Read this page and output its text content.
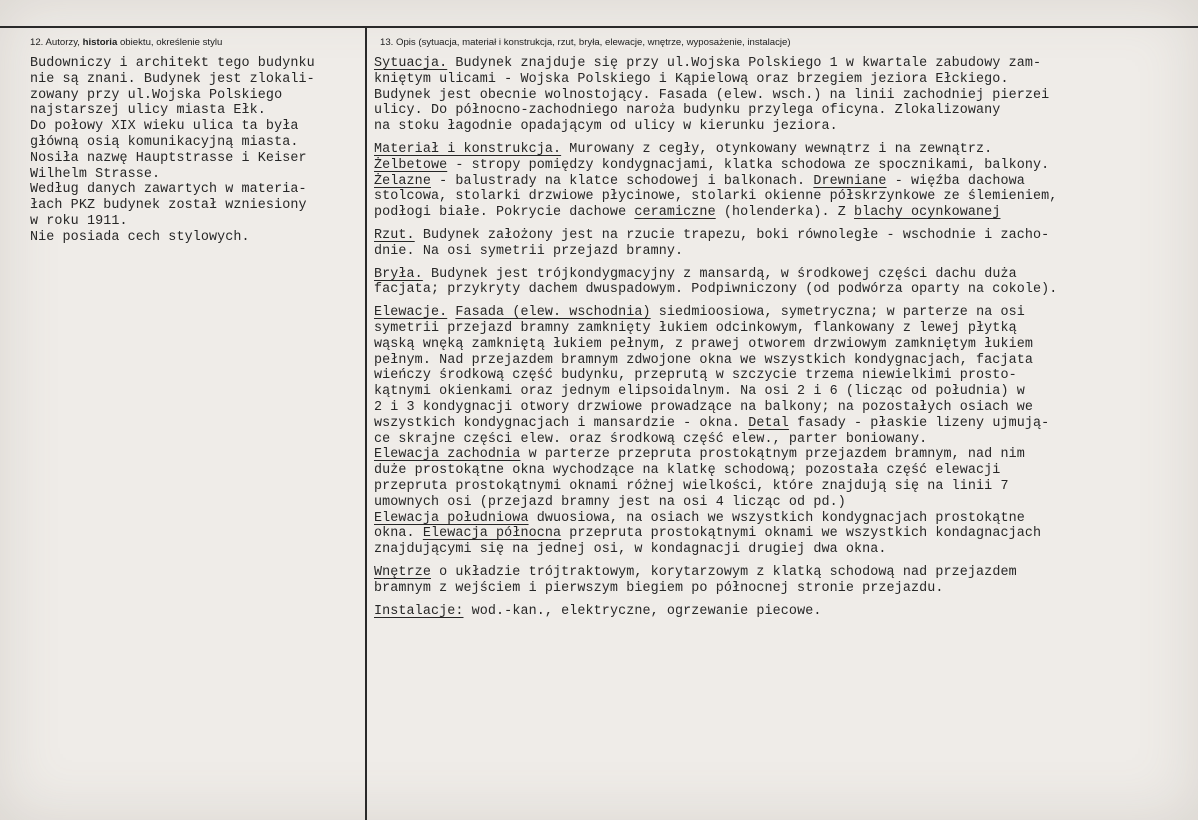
12. Autorzy, historia obiektu, określenie stylu	13. Opis (sytuacja, materiał i konstrukcja, rzut, bryła, elewacje, wnętrze, wyposażenie, instalacje)
Budowniczy i architekt tego budynku
nie są znani. Budynek jest zlokali-
zowany przy ul.Wojska Polskiego
najstarszej ulicy miasta Ełk.
Do połowy XIX wieku ulica ta była
główną osią komunikacyjną miasta.
Nosiła nazwę Hauptstrasse i Keiser
Wilhelm Strasse.
Według danych zawartych w materia-
łach PKZ budynek został wzniesiony
w roku 1911.
Nie posiada cech stylowych.
Sytuacja. Budynek znajduje się przy ul.Wojska Polskiego 1 w kwartale zabudowy zam-
kniętym ulicami - Wojska Polskiego i Kąpielową oraz brzegiem jeziora Ełckiego.
Budynek jest obecnie wolnostojący. Fasada (elew. wsch.) na linii zachodniej pierzei
ulicy. Do północno-zachodniego naroża budynku przylega oficyna. Zlokalizowany
na stoku łagodnie opadającym od ulicy w kierunku jeziora.
Materiał i konstrukcja. Murowany z cegły, otynkowany wewnątrz i na zewnątrz.
Żelbetowe - stropy pomiędzy kondygnacjami, klatka schodowa ze spocznikami, balkony.
Żelazne - balustrady na klatce schodowej i balkonach. Drewniane - więźba dachowa
stolcowa, stolarki drzwiowe płycinowe, stolarki okienne półskrzynkowe ze ślemieniem,
podłogi białe. Pokrycie dachowe ceramiczne (holenderka). Z blachy ocynkowanej
Rzut. Budynek założony jest na rzucie trapezu, boki równoległe - wschodnie i zacho-
dnie. Na osi symetrii przejazd bramny.
Bryła. Budynek jest trójkondygmacyjny z mansardą, w środkowej części dachu duża
facjata; przykryty dachem dwuspadowym. Podpiwniczony (od podwórza oparty na cokole).
Elewacje. Fasada (elew. wschodnia) siedmioosiowa, symetryczna; w parterze na osi
symetrii przejazd bramny zamknięty łukiem odcinkowym, flankowany z lewej płytką
wąską wnęką zamkniętą łukiem pełnym, z prawej otworem drzwiowym zamkniętym łukiem
pełnym. Nad przejazdem bramnym zdwojone okna we wszystkich kondygnacjach, facjata
wieńczy środkową część budynku, przeprutą w szczycie trzema niewielkimi prosto-
kątnymi okienkami oraz jednym elipsoidalnym. Na osi 2 i 6 (licząc od południa) w
2 i 3 kondygnacji otwory drzwiowe prowadzące na balkony; na pozostałych osiach we
wszystkich kondygnacjach i mansardzie - okna. Detal fasady - płaskie lizeny ujmują-
ce skrajne części elew. oraz środkową część elew., parter boniowany.
Elewacja zachodnia w parterze przepruta prostokątnym przejazdem bramnym, nad nim
duże prostokątne okna wychodzące na klatkę schodową; pozostała część elewacji
przepruta prostokątnymi oknami różnej wielkości, które znajdują się na linii 7
umownych osi (przejazd bramny jest na osi 4 licząc od pd.)
Elewacja południowa dwuosiowa, na osiach we wszystkich kondygnacjach prostokątne
okna. Elewacja północna przepruta prostokątnymi oknami we wszystkich kondagnacjach
znajdującymi się na jednej osi, w kondagnacji drugiej dwa okna.
Wnętrze o układzie trójtraktowym, korytarzowym z klatką schodową nad przejazdem
bramnym z wejściem i pierwszym biegiem po północnej stronie przejazdu.
Instalacje: wod.-kan., elektryczne, ogrzewanie piecowe.
